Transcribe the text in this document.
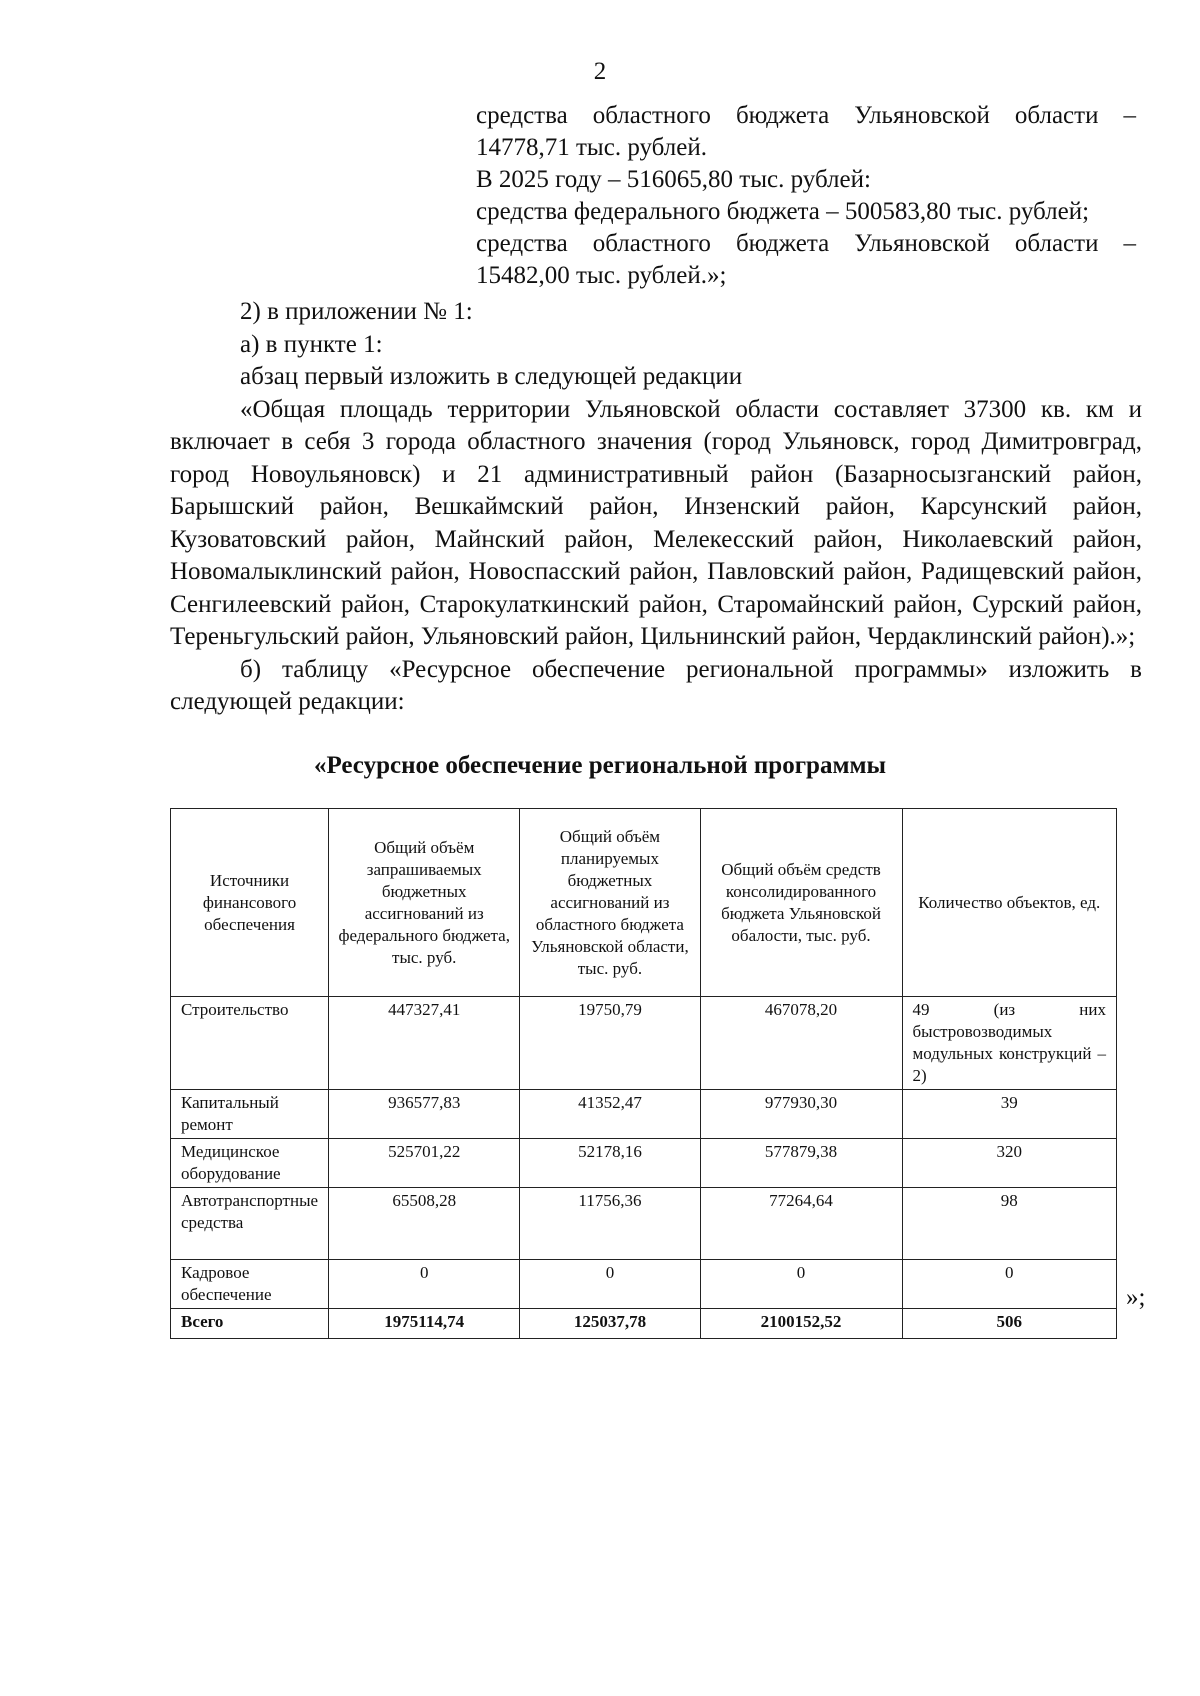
2

средства областного бюджета Ульяновской области – 14778,71 тыс. рублей.

В 2025 году – 516065,80 тыс. рублей:

средства федерального бюджета – 500583,80 тыс. рублей;

средства областного бюджета Ульяновской области – 15482,00 тыс. рублей.»;

2) в приложении № 1:

а) в пункте 1:

абзац первый изложить в следующей редакции

«Общая площадь территории Ульяновской области составляет 37300 кв. км и включает в себя 3 города областного значения (город Ульяновск, город Димитровград, город Новоульяновск) и 21 административный район (Базарносызганский район, Барышский район, Вешкаймский район, Инзенский район, Карсунский район, Кузоватовский район, Майнский район, Мелекесский район, Николаевский район, Новомалыклинский район, Новоспасский район, Павловский район, Радищевский район, Сенгилеевский район, Старокулаткинский район, Старомайнский район, Сурский район, Тереньгульский район, Ульяновский район, Цильнинский район, Чердаклинский район).»;

б) таблицу «Ресурсное обеспечение региональной программы» изложить в следующей редакции:

«Ресурсное обеспечение региональной программы
Источники финансового обеспечения	Общий объём запрашиваемых бюджетных ассигнований из федерального бюджета, тыс. руб.	Общий объём планируемых бюджетных ассигнований из областного бюджета Ульяновской области, тыс. руб.	Общий объём средств консолидированного бюджета Ульяновской обалости, тыс. руб.	Количество объектов, ед.
Строительство	447327,41	19750,79	467078,20	49 (из них быстровозводимых модульных конструкций – 2)
Капитальный ремонт	936577,83	41352,47	977930,30	39
Медицинское оборудование	525701,22	52178,16	577879,38	320
Автотранспортные средства	65508,28	11756,36	77264,64	98
Кадровое обеспечение	0	0	0	0
Всего	1975114,74	125037,78	2100152,52	506
»;
